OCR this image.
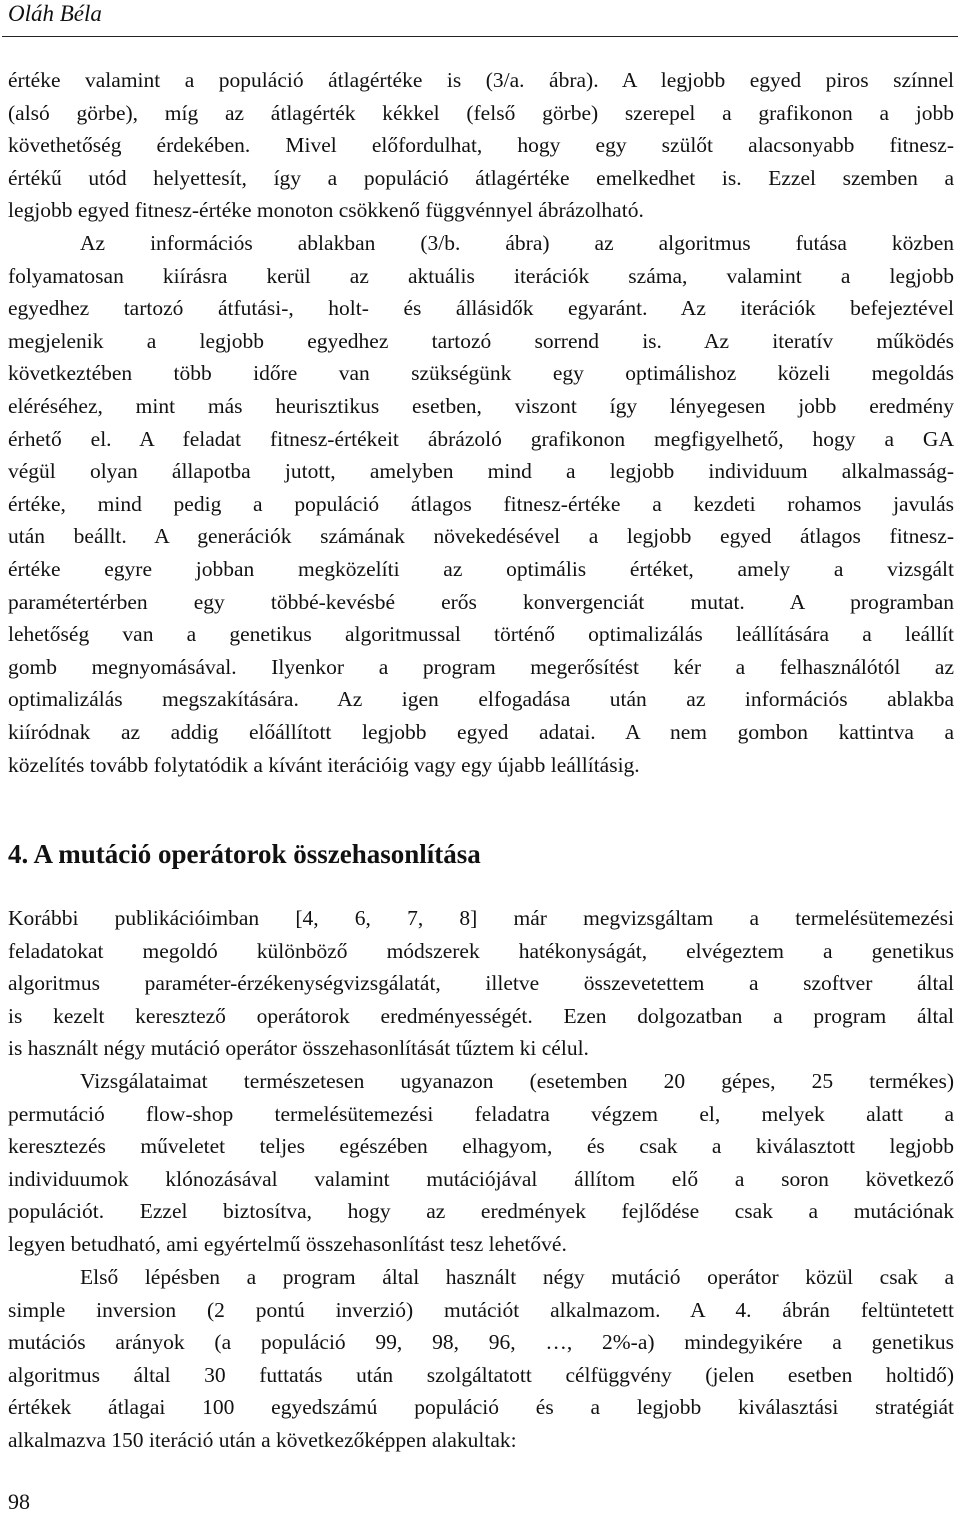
Oláh Béla
értéke valamint a populáció átlagértéke is (3/a. ábra). A legjobb egyed piros színnel
(alsó görbe), míg az átlagérték kékkel (felső görbe) szerepel a grafikonon a jobb
követhetőség érdekében. Mivel előfordulhat, hogy egy szülőt alacsonyabb fitnesz-
értékű utód helyettesít, így a populáció átlagértéke emelkedhet is. Ezzel szemben a
legjobb egyed fitnesz-értéke monoton csökkenő függvénnyel ábrázolható.
Az információs ablakban (3/b. ábra) az algoritmus futása közben
folyamatosan kiírásra kerül az aktuális iterációk száma, valamint a legjobb
egyedhez tartozó átfutási-, holt- és állásidők egyaránt. Az iterációk befejeztével
megjelenik a legjobb egyedhez tartozó sorrend is. Az iteratív működés
következtében több időre van szükségünk egy optimálishoz közeli megoldás
eléréséhez, mint más heurisztikus esetben, viszont így lényegesen jobb eredmény
érhető el. A feladat fitnesz-értékeit ábrázoló grafikonon megfigyelhető, hogy a GA
végül olyan állapotba jutott, amelyben mind a legjobb individuum alkalmasság-
értéke, mind pedig a populáció átlagos fitnesz-értéke a kezdeti rohamos javulás
után beállt. A generációk számának növekedésével a legjobb egyed átlagos fitnesz-
értéke egyre jobban megközelíti az optimális értéket, amely a vizsgált
paramétertérben egy többé-kevésbé erős konvergenciát mutat. A programban
lehetőség van a genetikus algoritmussal történő optimalizálás leállítására a leállít
gomb megnyomásával. Ilyenkor a program megerősítést kér a felhasználótól az
optimalizálás megszakítására. Az igen elfogadása után az információs ablakba
kiíródnak az addig előállított legjobb egyed adatai. A nem gombon kattintva a
közelítés tovább folytatódik a kívánt iterációig vagy egy újabb leállításig.
4. A mutáció operátorok összehasonlítása
Korábbi publikációimban [4, 6, 7, 8] már megvizsgáltam a termelésütemezési
feladatokat megoldó különböző módszerek hatékonyságát, elvégeztem a genetikus
algoritmus paraméter-érzékenységvizsgálatát, illetve összevetettem a szoftver által
is kezelt keresztező operátorok eredményességét. Ezen dolgozatban a program által
is használt négy mutáció operátor összehasonlítását tűztem ki célul.
Vizsgálataimat természetesen ugyanazon (esetemben 20 gépes, 25 termékes)
permutáció flow-shop termelésütemezési feladatra végzem el, melyek alatt a
keresztezés műveletet teljes egészében elhagyom, és csak a kiválasztott legjobb
individuumok klónozásával valamint mutációjával állítom elő a soron következő
populációt. Ezzel biztosítva, hogy az eredmények fejlődése csak a mutációnak
legyen betudható, ami egyértelmű összehasonlítást tesz lehetővé.
Első lépésben a program által használt négy mutáció operátor közül csak a
simple inversion (2 pontú inverzió) mutációt alkalmazom. A 4. ábrán feltüntetett
mutációs arányok (a populáció 99, 98, 96, …, 2%-a) mindegyikére a genetikus
algoritmus által 30 futtatás után szolgáltatott célfüggvény (jelen esetben holtidő)
értékek átlagai 100 egyedszámú populáció és a legjobb kiválasztási stratégiát
alkalmazva 150 iteráció után a következőképpen alakultak:
98
